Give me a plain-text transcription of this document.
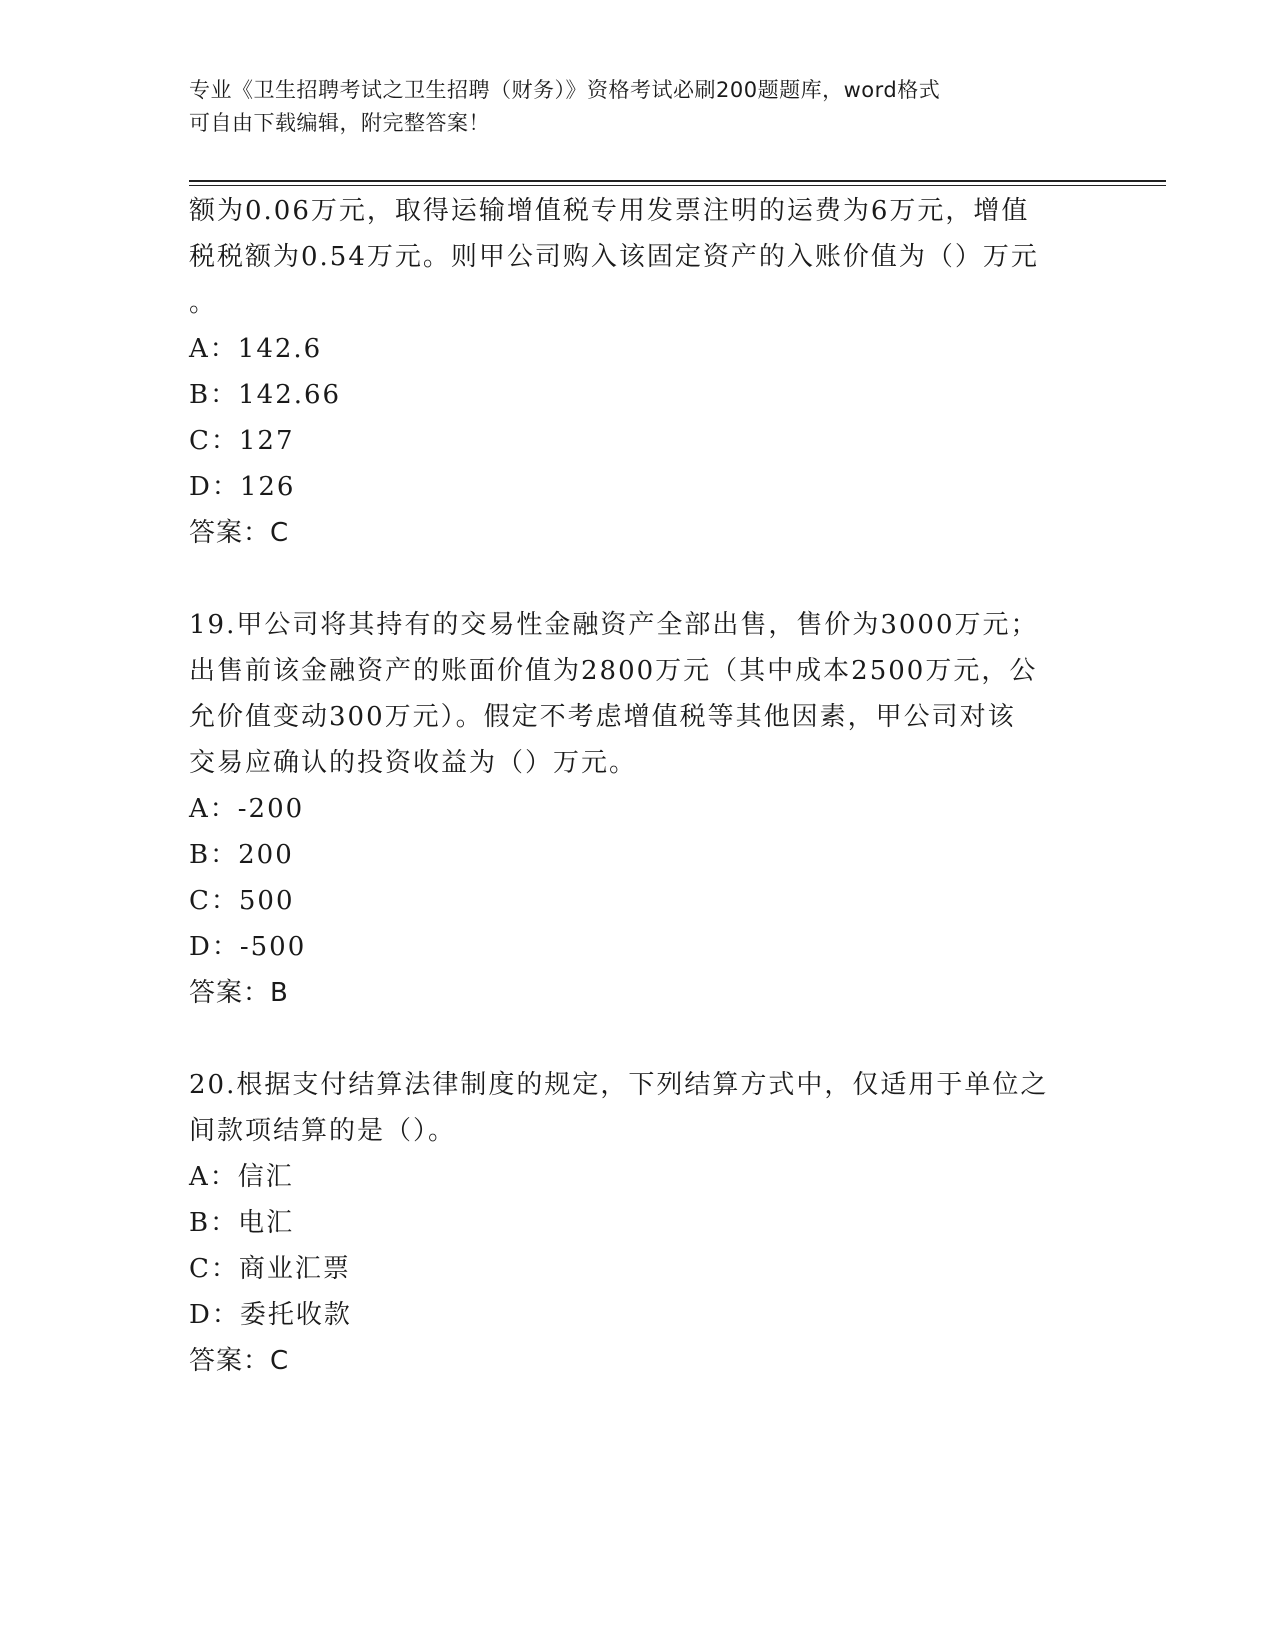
专业《卫生招聘考试之卫生招聘（财务）》资格考试必刷200题题库，word格式
可自由下载编辑，附完整答案！

额为0.06万元，取得运输增值税专用发票注明的运费为6万元，增值

税税额为0.54万元。则甲公司购入该固定资产的入账价值为（）万元

。

A：142.6

B：142.66

C：127

D：126

答案：C

19.甲公司将其持有的交易性金融资产全部出售，售价为3000万元；

出售前该金融资产的账面价值为2800万元（其中成本2500万元，公

允价值变动300万元）。假定不考虑增值税等其他因素，甲公司对该

交易应确认的投资收益为（）万元。

A：-200

B：200

C：500

D：-500

答案：B

20.根据支付结算法律制度的规定，下列结算方式中，仅适用于单位之

间款项结算的是（）。

A：信汇

B：电汇

C：商业汇票

D：委托收款

答案：C
